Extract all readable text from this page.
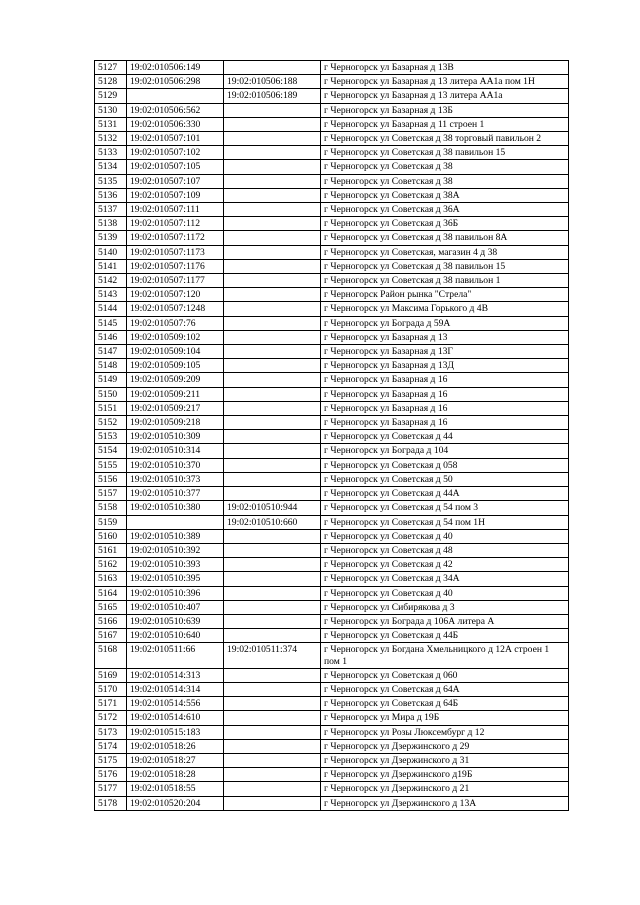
5127	19:02:010506:149		г Черногорск ул Базарная д 13В
5128	19:02:010506:298	19:02:010506:188	г Черногорск ул Базарная д 13 литера АА1а пом 1Н
5129		19:02:010506:189	г Черногорск ул Базарная д 13 литера АА1а
5130	19:02:010506:562		г Черногорск ул Базарная д 13Б
5131	19:02:010506:330		г Черногорск ул Базарная д 11 строен 1
5132	19:02:010507:101		г Черногорск ул Советская д 38 торговый павильон 2
5133	19:02:010507:102		г Черногорск ул Советская д 38 павильон 15
5134	19:02:010507:105		г Черногорск ул Советская д 38
5135	19:02:010507:107		г Черногорск ул Советская д 38
5136	19:02:010507:109		г Черногорск ул Советская д 38А
5137	19:02:010507:111		г Черногорск ул Советская д 36А
5138	19:02:010507:112		г Черногорск ул Советская д 36Б
5139	19:02:010507:1172		г Черногорск ул Советская д 38 павильон 8А
5140	19:02:010507:1173		г Черногорск ул Советская, магазин 4 д 38
5141	19:02:010507:1176		г Черногорск ул Советская д 38 павильон 15
5142	19:02:010507:1177		г Черногорск ул Советская д 38 павильон 1
5143	19:02:010507:120		г Черногорск Район рынка "Стрела"
5144	19:02:010507:1248		г Черногорск ул Максима Горького д 4В
5145	19:02:010507:76		г Черногорск ул Бограда д 59А
5146	19:02:010509:102		г Черногорск ул Базарная д 13
5147	19:02:010509:104		г Черногорск ул Базарная д 13Г
5148	19:02:010509:105		г Черногорск ул Базарная д 13Д
5149	19:02:010509:209		г Черногорск ул Базарная д 16
5150	19:02:010509:211		г Черногорск ул Базарная д 16
5151	19:02:010509:217		г Черногорск ул Базарная д 16
5152	19:02:010509:218		г Черногорск ул Базарная д 16
5153	19:02:010510:309		г Черногорск ул Советская д 44
5154	19:02:010510:314		г Черногорск ул Бограда д 104
5155	19:02:010510:370		г Черногорск ул Советская д 058
5156	19:02:010510:373		г Черногорск ул Советская д 50
5157	19:02:010510:377		г Черногорск ул Советская д 44А
5158	19:02:010510:380	19:02:010510:944	г Черногорск ул Советская д 54 пом 3
5159		19:02:010510:660	г Черногорск ул Советская д 54 пом 1Н
5160	19:02:010510:389		г Черногорск ул Советская д 40
5161	19:02:010510:392		г Черногорск ул Советская д 48
5162	19:02:010510:393		г Черногорск ул Советская д 42
5163	19:02:010510:395		г Черногорск ул Советская д 34А
5164	19:02:010510:396		г Черногорск ул Советская д 40
5165	19:02:010510:407		г Черногорск ул Сибирякова д 3
5166	19:02:010510:639		г Черногорск ул Бограда д 106А литера А
5167	19:02:010510:640		г Черногорск ул Советская д 44Б
5168	19:02:010511:66	19:02:010511:374	г Черногорск ул Богдана Хмельницкого д 12А строен 1 пом 1
5169	19:02:010514:313		г Черногорск ул Советская д 060
5170	19:02:010514:314		г Черногорск ул Советская д 64А
5171	19:02:010514:556		г Черногорск ул Советская д 64Б
5172	19:02:010514:610		г Черногорск ул Мира д 19Б
5173	19:02:010515:183		г Черногорск ул Розы Люксембург д 12
5174	19:02:010518:26		г Черногорск ул Дзержинского д 29
5175	19:02:010518:27		г Черногорск ул Дзержинского д 31
5176	19:02:010518:28		г Черногорск ул Дзержинского д19Б
5177	19:02:010518:55		г Черногорск ул Дзержинского д 21
5178	19:02:010520:204		г Черногорск ул Дзержинского д 13А
